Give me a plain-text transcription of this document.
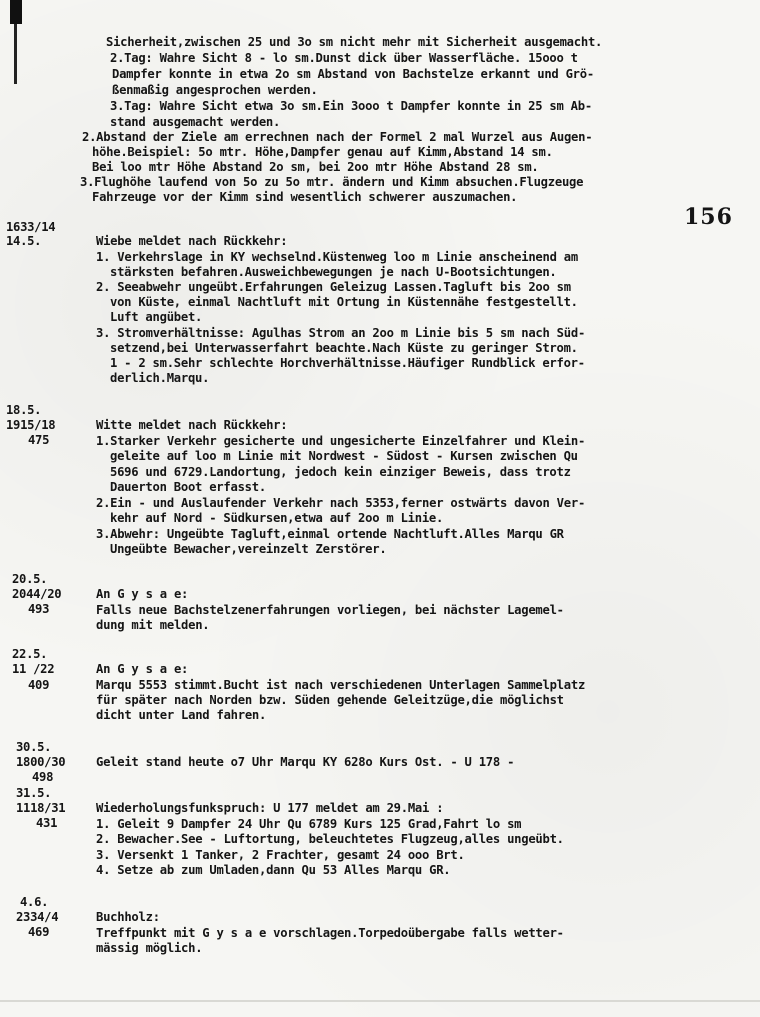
156
1633/14
14.5.
18.5.
1915/18
475
20.5.
2044/20
493
22.5.
11 /22
409
30.5.
1800/30
498
31.5.
1118/31
431
4.6.
2334/4
469
Sicherheit,zwischen 25 und 3o sm nicht mehr mit Sicherheit ausgemacht.
2.Tag: Wahre Sicht 8 - lo sm.Dunst dick über Wasserfläche. 15ooo t
Dampfer konnte in etwa 2o sm Abstand von Bachstelze erkannt und Grö-
ßenmaßig angesprochen werden.
3.Tag: Wahre Sicht etwa 3o sm.Ein 3ooo t Dampfer konnte in 25 sm Ab-
stand ausgemacht werden.
2.Abstand der Ziele am errechnen nach der Formel 2 mal Wurzel aus Augen-
höhe.Beispiel: 5o mtr. Höhe,Dampfer genau auf Kimm,Abstand 14 sm.
Bei loo mtr Höhe Abstand 2o sm, bei 2oo mtr Höhe Abstand 28 sm.
3.Flughöhe laufend von 5o zu 5o mtr. ändern und Kimm absuchen.Flugzeuge
Fahrzeuge vor der Kimm sind wesentlich schwerer auszumachen.
Wiebe meldet nach Rückkehr:
1. Verkehrslage in KY wechselnd.Küstenweg loo m Linie anscheinend am
stärksten befahren.Ausweichbewegungen je nach U-Bootsichtungen.
2. Seeabwehr ungeübt.Erfahrungen Geleizug Lassen.Tagluft bis 2oo sm
von Küste, einmal Nachtluft mit Ortung in Küstennähe festgestellt.
Luft angübet.
3. Stromverhältnisse: Agulhas Strom an 2oo m Linie bis 5 sm nach Süd-
setzend,bei Unterwasserfahrt beachte.Nach Küste zu geringer Strom.
1 - 2 sm.Sehr schlechte Horchverhältnisse.Häufiger Rundblick erfor-
derlich.Marqu.
Witte meldet nach Rückkehr:
1.Starker Verkehr gesicherte und ungesicherte Einzelfahrer und Klein-
geleite auf loo m Linie mit Nordwest - Südost - Kursen zwischen Qu
5696 und 6729.Landortung, jedoch kein einziger Beweis, dass trotz
Dauerton Boot erfasst.
2.Ein - und Auslaufender Verkehr nach 5353,ferner ostwärts davon Ver-
kehr auf Nord - Südkursen,etwa auf 2oo m Linie.
3.Abwehr: Ungeübte Tagluft,einmal ortende Nachtluft.Alles Marqu GR
Ungeübte Bewacher,vereinzelt Zerstörer.
An G y s a e:
Falls neue Bachstelzenerfahrungen vorliegen, bei nächster Lagemel-
dung mit melden.
An G y s a e:
Marqu 5553 stimmt.Bucht ist nach verschiedenen Unterlagen Sammelplatz
für später nach Norden bzw. Süden gehende Geleitzüge,die möglichst
dicht unter Land fahren.
Geleit stand heute o7 Uhr Marqu KY 628o Kurs Ost. - U 178 -
Wiederholungsfunkspruch: U 177 meldet am 29.Mai :
1. Geleit 9 Dampfer 24 Uhr Qu 6789 Kurs 125 Grad,Fahrt lo sm
2. Bewacher.See - Luftortung, beleuchtetes Flugzeug,alles ungeübt.
3. Versenkt 1 Tanker, 2 Frachter, gesamt 24 ooo Brt.
4. Setze ab zum Umladen,dann Qu 53 Alles Marqu GR.
Buchholz:
Treffpunkt mit G y s a e vorschlagen.Torpedoübergabe falls wetter-
mässig möglich.
